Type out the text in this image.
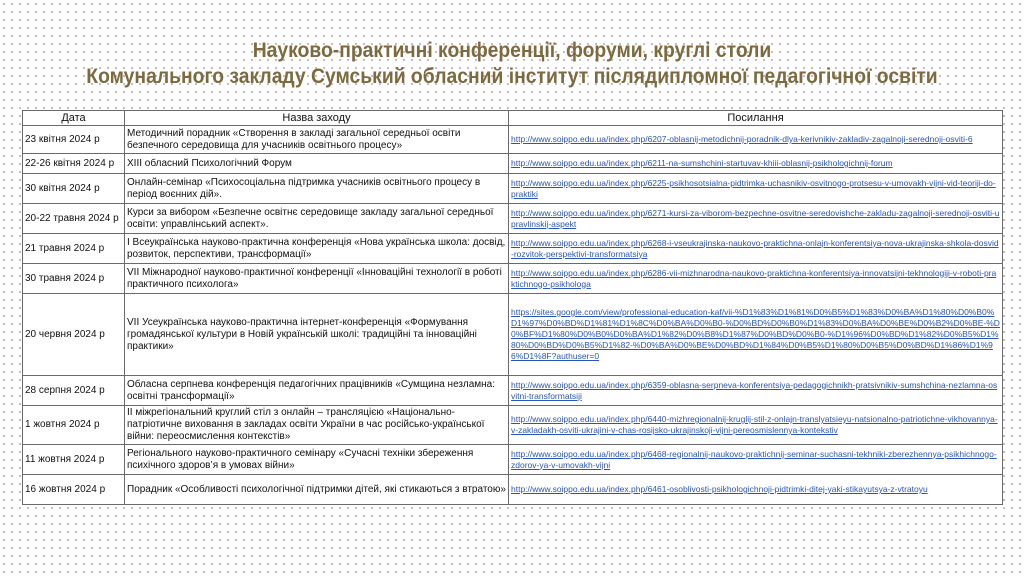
Науково-практичні конференції, форуми, круглі столи
Комунального закладу Сумський обласний інститут післядипломної педагогічної освіти
Дата	Назва заходу	Посилання
23 квітня 2024 р	Методичний порадник «Створення в закладі загальної середньої освіти безпечного середовища для учасників освітнього процесу»	http://www.soippo.edu.ua/index.php/6207-oblasnij-metodichnij-poradnik-dlya-kerivnikiv-zakladiv-zagalnoji-serednoji-osviti-6

22-26 квітня 2024 р	ХІІІ обласний Психологічний Форум	http://www.soippo.edu.ua/index.php/6211-na-sumshchini-startuvav-khiii-oblasnij-psikhologichnij-forum

30 квітня 2024 р	Онлайн-семінар «Психосоціальна підтримка учасників освітнього процесу в період воєнних дій».	http://www.soippo.edu.ua/index.php/6225-psikhosotsialna-pidtrimka-uchasnikiv-osvitnogo-protsesu-v-umovakh-vijni-vid-teoriji-do-praktiki

20-22 травня 2024 р	Курси за вибором «Безпечне освітнє середовище закладу загальної середньої освіти: управлінський аспект».	http://www.soippo.edu.ua/index.php/6271-kursi-za-viborom-bezpechne-osvitne-seredovishche-zakladu-zagalnoji-serednoji-osviti-upravlinskij-aspekt

21 травня 2024 р	І Всеукраїнська науково-практична конференція «Нова українська школа: досвід, розвиток, перспективи, трансформації»	http://www.soippo.edu.ua/index.php/6268-i-vseukrajinska-naukovo-praktichna-onlajn-konferentsiya-nova-ukrajinska-shkola-dosvid-rozvitok-perspektivi-transformatsiya

30 травня 2024 р	VII Міжнародної науково-практичної конференції «Інноваційні технології в роботі практичного психолога»	http://www.soippo.edu.ua/index.php/6286-vii-mizhnarodna-naukovo-praktichna-konferentsiya-innovatsijni-tekhnologiji-v-roboti-praktichnogo-psikhologa

20 червня 2024 р	VІІ Усеукраїнська науково-практична інтернет-конференція «Формування громадянської культури в Новій українській школі: традиційні та інноваційні практики»	https://sites.google.com/view/professional-education-kaf/vii-%D1%83%D1%81%D0%B5%D1%83%D0%BA%D1%80%D0%B0%D1%97%D0%BD%D1%81%D1%8C%D0%BA%D0%B0-%D0%BD%D0%B0%D1%83%D0%BA%D0%BE%D0%B2%D0%BE-%D0%BF%D1%80%D0%B0%D0%BA%D1%82%D0%B8%D1%87%D0%BD%D0%B0-%D1%96%D0%BD%D1%82%D0%B5%D1%80%D0%BD%D0%B5%D1%82-%D0%BA%D0%BE%D0%BD%D1%84%D0%B5%D1%80%D0%B5%D0%BD%D1%86%D1%96%D1%8F?authuser=0

28 серпня 2024 р	Обласна серпнева конференція педагогічних працівників «Сумщина незламна: освітні трансформації»	http://www.soippo.edu.ua/index.php/6359-oblasna-serpneva-konferentsiya-pedagogichnikh-pratsivnikiv-sumshchina-nezlamna-osvitni-transformatsiji

1 жовтня 2024 р	II міжрегіональний круглий стіл з онлайн – трансляцією «Національно-патріотичне виховання в закладах освіти України в час російсько-української війни: переосмислення контекстів»	http://www.soippo.edu.ua/index.php/6440-mizhregionalnij-kruglij-stil-z-onlajn-translyatsieyu-natsionalno-patriotichne-vikhovannya-v-zakladakh-osviti-ukrajini-v-chas-rosijsko-ukrajinskoji-vijni-pereosmislennya-kontekstiv

11 жовтня 2024 р	Регіонального науково-практичного семінару «Сучасні техніки збереження психічного здоров’я в умовах війни»	http://www.soippo.edu.ua/index.php/6468-regionalnij-naukovo-praktichnij-seminar-suchasni-tekhniki-zberezhennya-psikhichnogo-zdorov-ya-v-umovakh-vijni

16 жовтня 2024 р	Порадник «Особливості психологічної підтримки дітей, які стикаються з втратою»	http://www.soippo.edu.ua/index.php/6461-osoblivosti-psikhologichnoji-pidtrimki-ditej-yaki-stikayutsya-z-vtratoyu
